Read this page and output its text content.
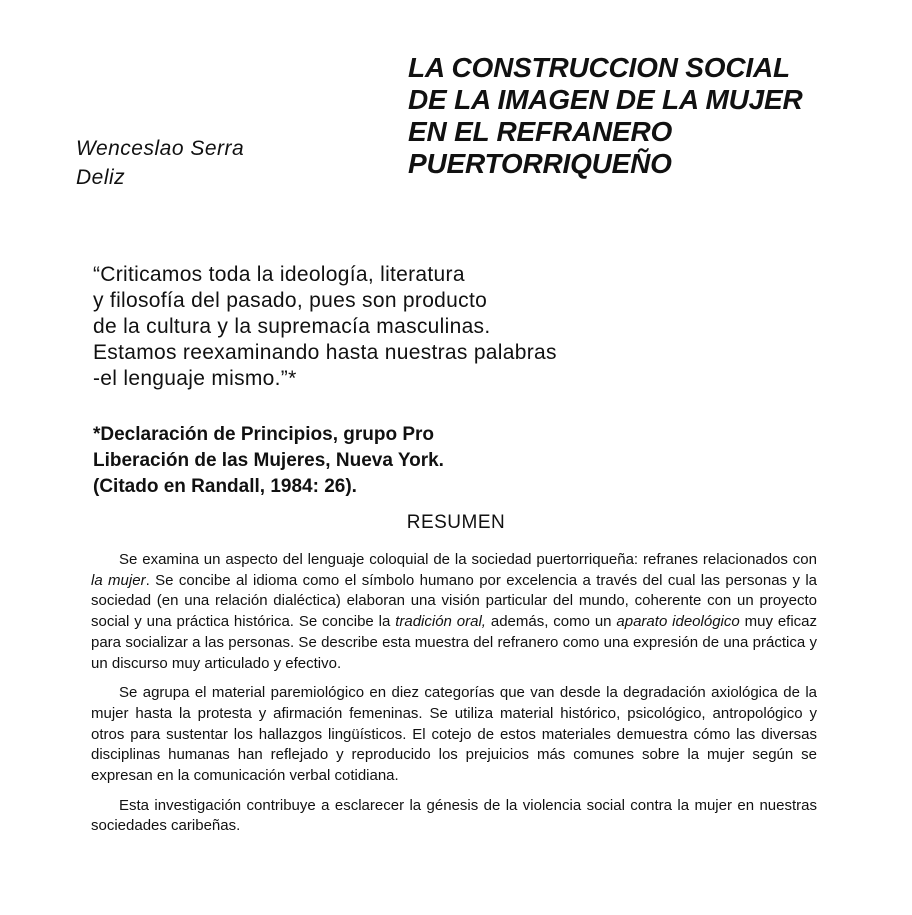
Wenceslao Serra
Deliz
LA CONSTRUCCION SOCIAL
DE LA IMAGEN DE LA MUJER
EN EL REFRANERO
PUERTORRIQUEÑO
“Criticamos toda la ideología, literatura
y filosofía del pasado, pues son producto
de la cultura y la supremacía masculinas.
Estamos reexaminando hasta nuestras palabras
-el lenguaje mismo.”*
*Declaración de Principios, grupo Pro
Liberación de las Mujeres, Nueva York.
(Citado en Randall, 1984: 26).
RESUMEN

Se examina un aspecto del lenguaje coloquial de la sociedad puertorriqueña: refranes relacionados con la mujer. Se concibe al idioma como el símbolo humano por excelencia a través del cual las personas y la sociedad (en una relación dialéctica) elaboran una visión particular del mundo, coherente con un proyecto social y una práctica histórica. Se concibe la tradición oral, además, como un aparato ideológico muy eficaz para socializar a las personas. Se describe esta muestra del refranero como una expresión de una práctica y un discurso muy articulado y efectivo.

Se agrupa el material paremiológico en diez categorías que van desde la degradación axiológica de la mujer hasta la protesta y afirmación femeninas. Se utiliza material histórico, psicológico, antropológico y otros para sustentar los hallazgos lingüísticos. El cotejo de estos materiales demuestra cómo las diversas disciplinas humanas han reflejado y reproducido los prejuicios más comunes sobre la mujer según se expresan en la comunicación verbal cotidiana.

Esta investigación contribuye a esclarecer la génesis de la violencia social contra la mujer en nuestras sociedades caribeñas.
